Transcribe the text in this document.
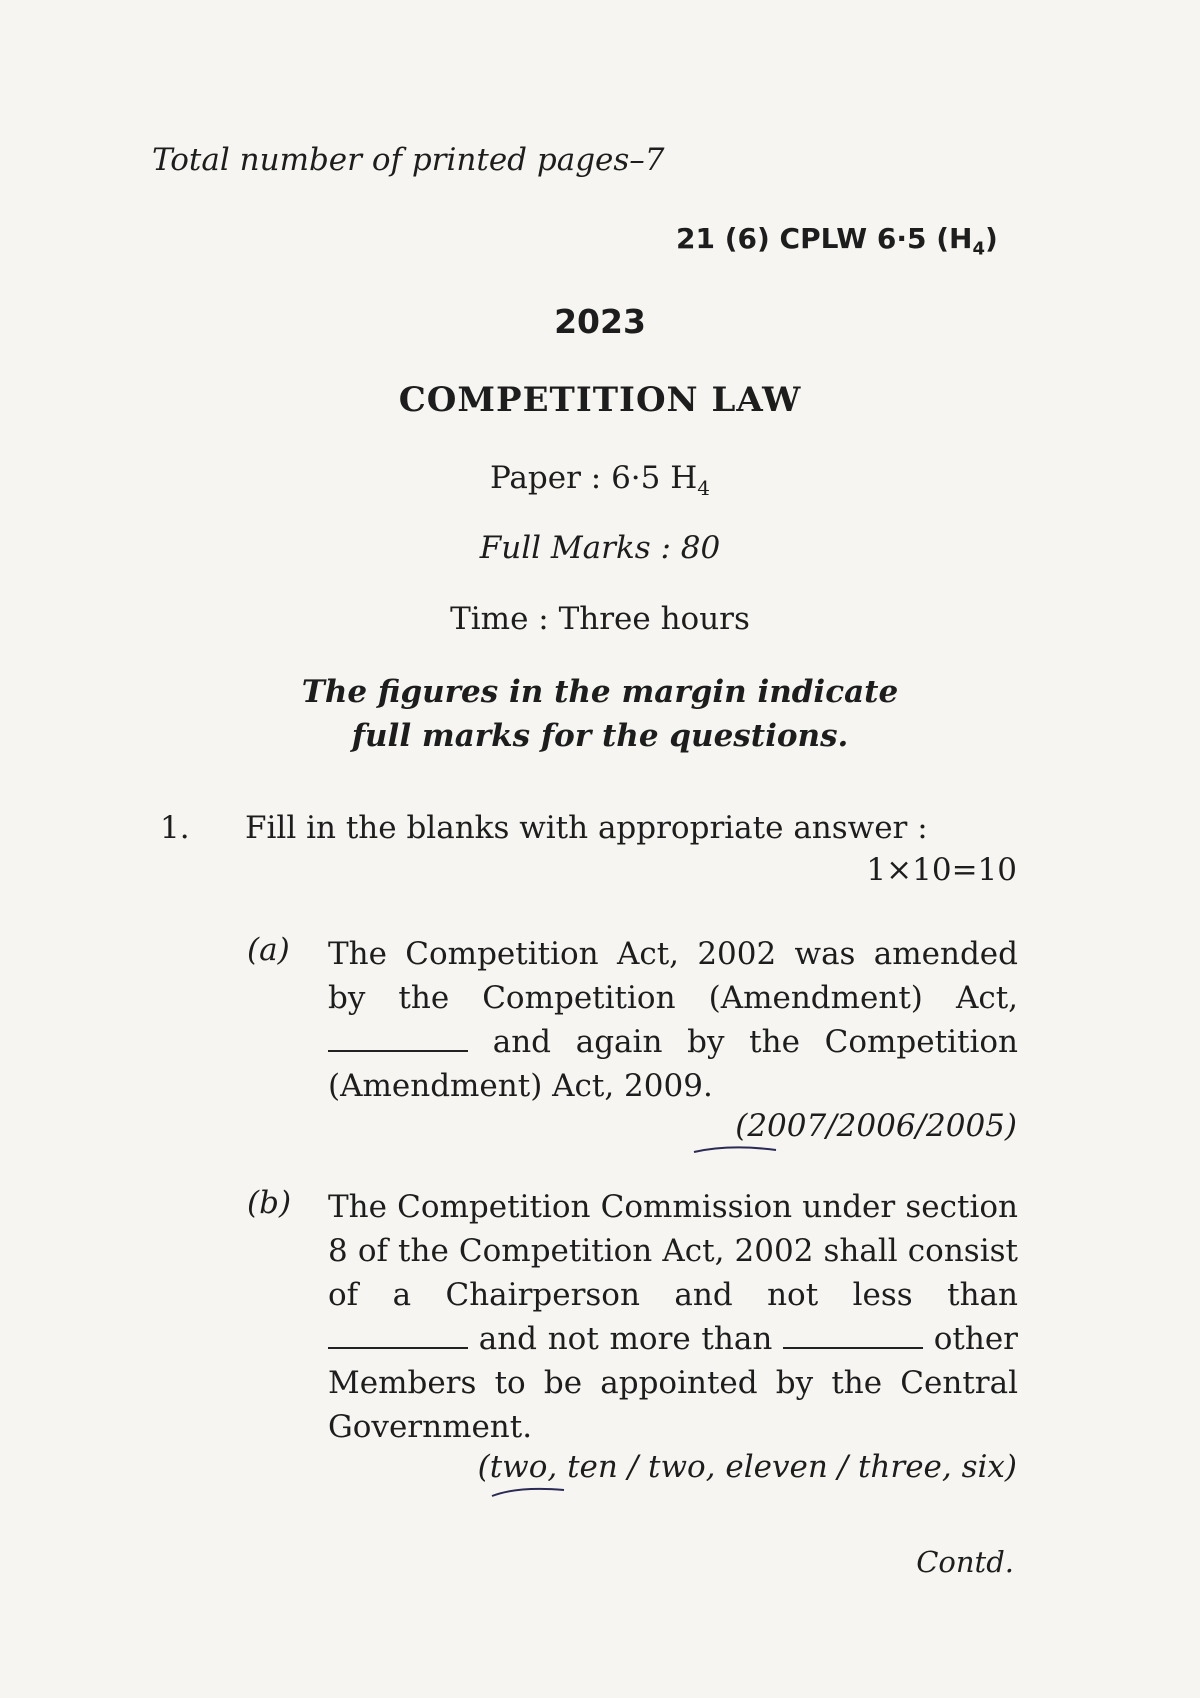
Total number of printed pages–7
21 (6) CPLW 6·5 $(H_4)$
2023
COMPETITION LAW
Paper : 6·5 $H_4$
Full Marks : 80
Time : Three hours
The figures in the margin indicate
full marks for the questions.
1. Fill in the blanks with appropriate answer :
1×10=10
(a) The Competition Act, 2002 was amended by the Competition (Amendment) Act,  and again by the Competition (Amendment) Act, 2009.
(2007/2006/2005)
(b) The Competition Commission under section 8 of the Competition Act, 2002 shall consist of a Chairperson and not less than  and not more than	other Members to be appointed by the Central Government.
(two, ten / two, eleven / three, six)
Contd.
